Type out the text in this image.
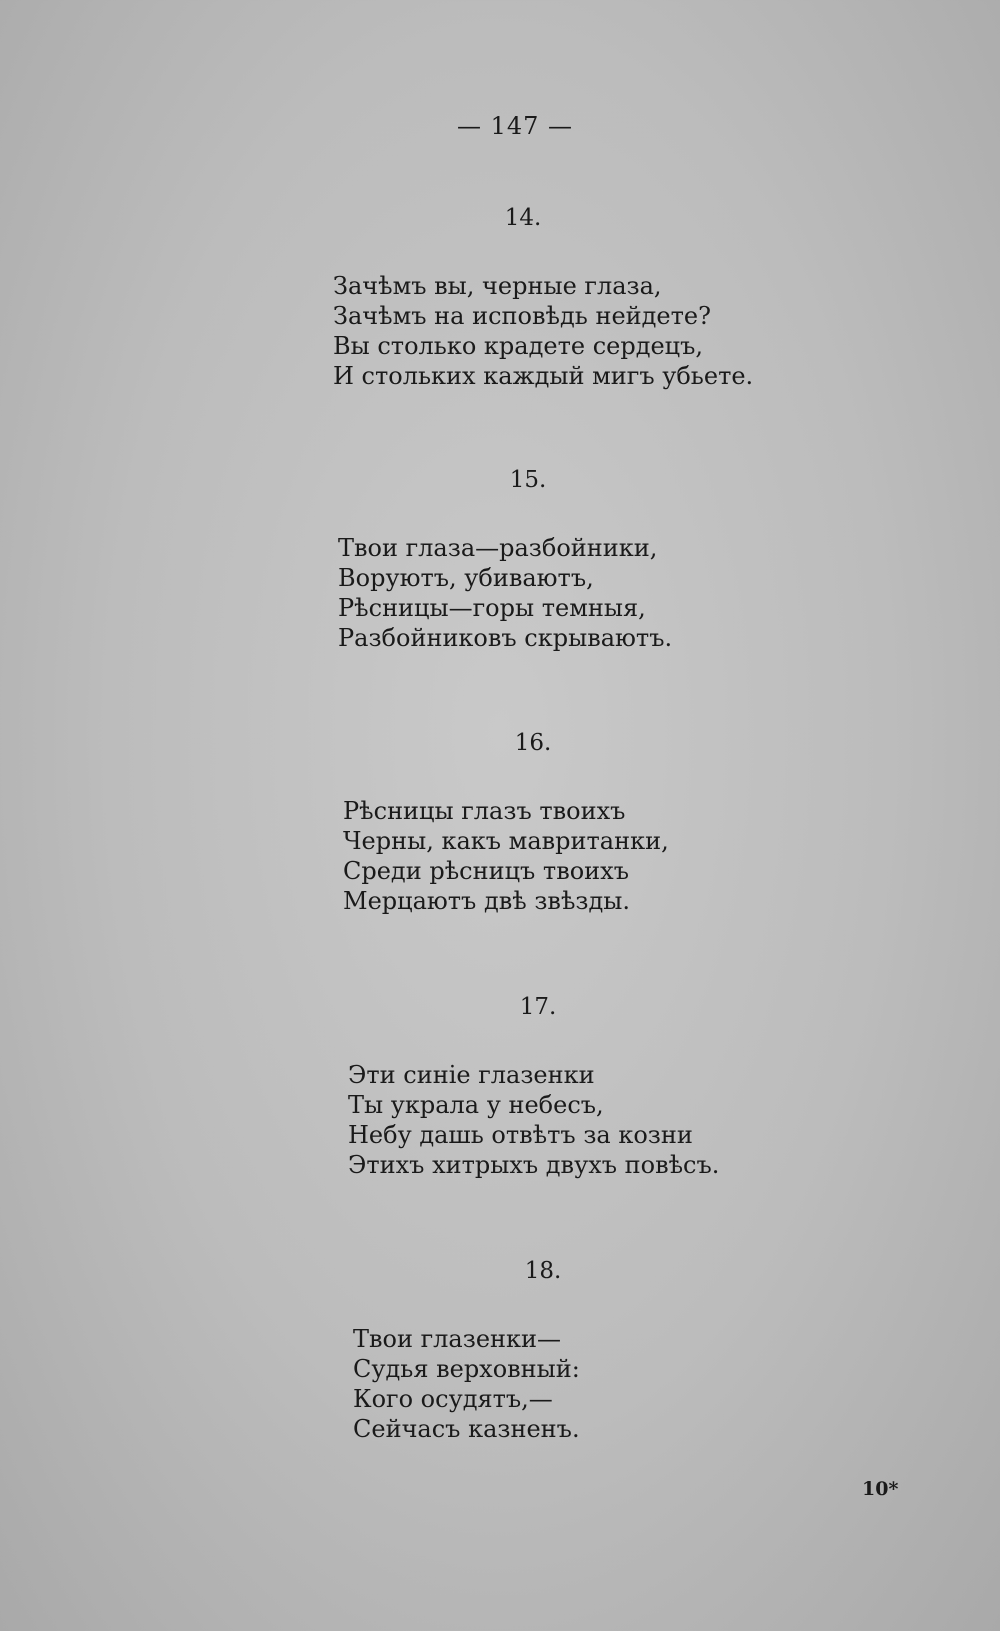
— 147 —
14.
Зачѣмъ вы, черные глаза,
Зачѣмъ на исповѣдь нейдете?
Вы столько крадете сердецъ,
И стольких каждый мигъ убьете.
15.
Твои глаза—разбойники,
Воруютъ, убиваютъ,
Рѣсницы—горы темныя,
Разбойниковъ скрываютъ.
16.
Рѣсницы глазъ твоихъ
Черны, какъ мавританки,
Среди рѣсницъ твоихъ
Мерцаютъ двѣ звѣзды.
17.
Эти синіе глазенки
Ты украла у небесъ,
Небу дашь отвѣтъ за козни
Этихъ хитрыхъ двухъ повѣсъ.
18.
Твои глазенки—
Судья верховный:
Кого осудятъ,—
Сейчасъ казненъ.
10*
